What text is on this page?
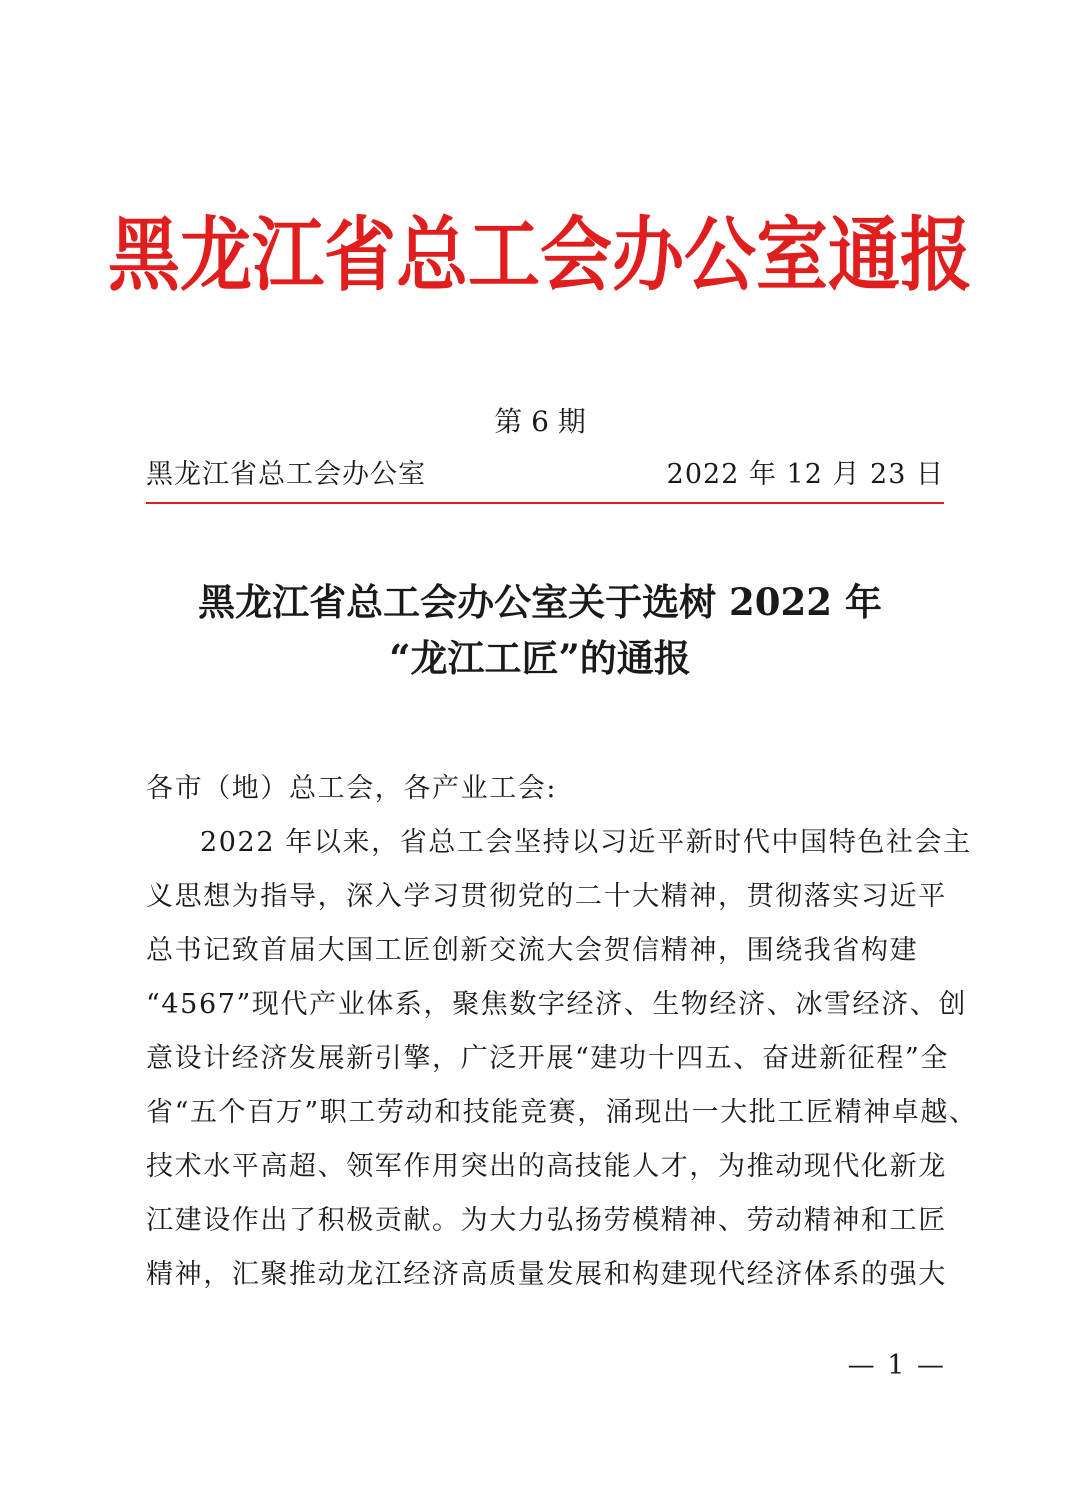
黑龙江省总工会办公室通报
第 6 期
黑龙江省总工会办公室	2022 年 12 月 23 日
黑龙江省总工会办公室关于选树 2022 年
“龙江工匠”的通报
各市（地）总工会，各产业工会:
2022 年以来，省总工会坚持以习近平新时代中国特色社会主
义思想为指导，深入学习贯彻党的二十大精神，贯彻落实习近平
总书记致首届大国工匠创新交流大会贺信精神，围绕我省构建
“4567”现代产业体系，聚焦数字经济、生物经济、冰雪经济、创
意设计经济发展新引擎，广泛开展“建功十四五、奋进新征程”全
省“五个百万”职工劳动和技能竞赛，涌现出一大批工匠精神卓越、
技术水平高超、领军作用突出的高技能人才，为推动现代化新龙
江建设作出了积极贡献。为大力弘扬劳模精神、劳动精神和工匠
精神，汇聚推动龙江经济高质量发展和构建现代经济体系的强大
— 1 —
